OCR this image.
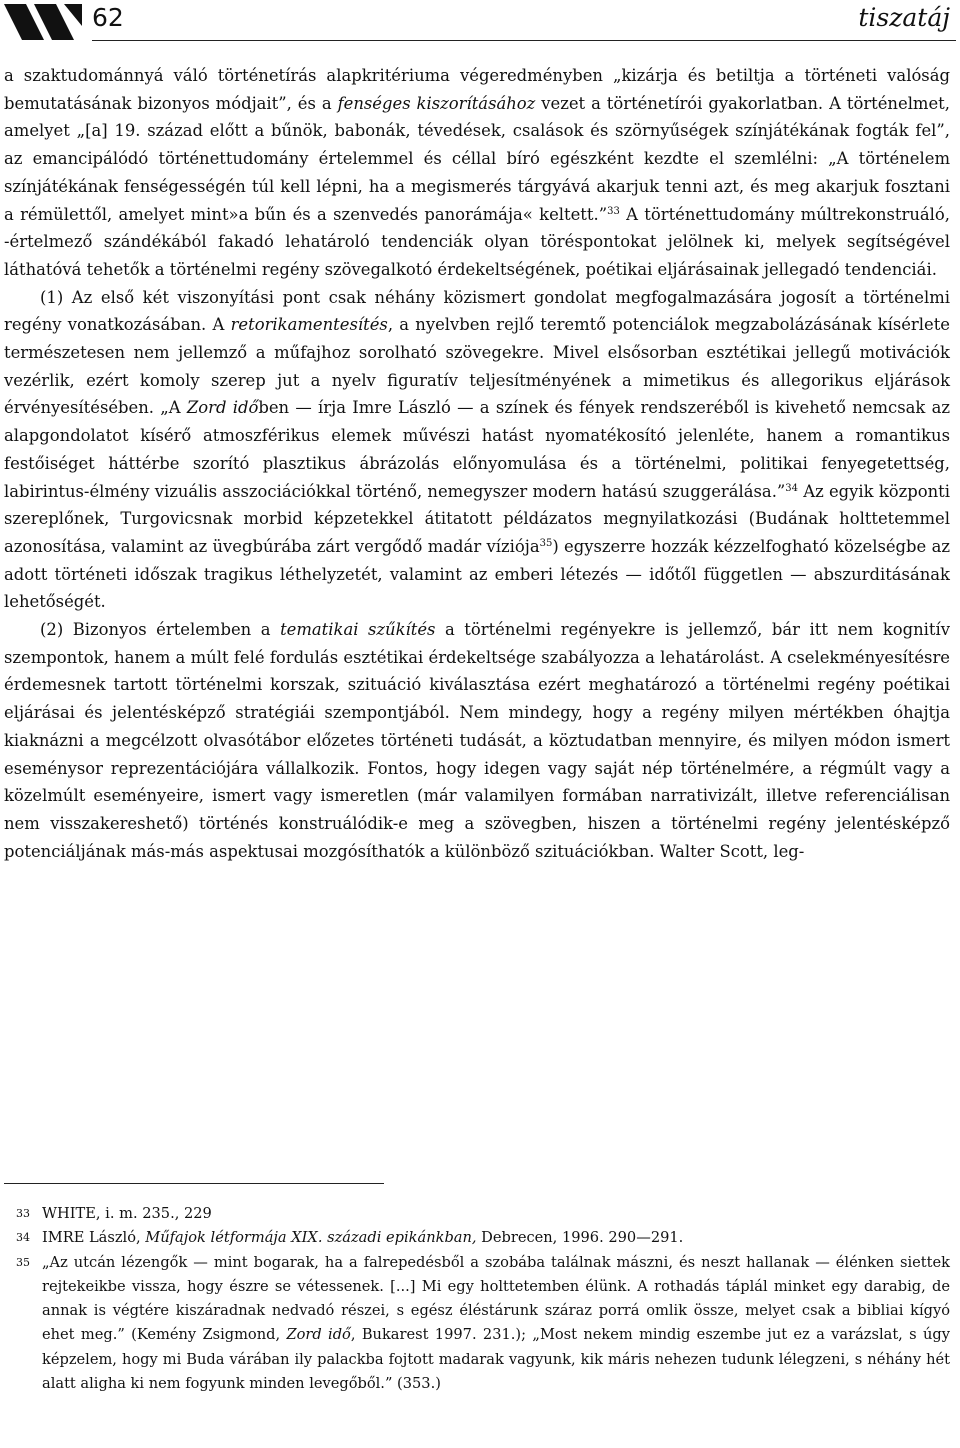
62	tiszatáj

a szaktudománnyá váló történetírás alapkritériuma végeredményben „kizárja és betiltja a történeti valóság bemutatásának bizonyos módjait”, és a fenséges kiszorításához vezet a történetírói gyakorlatban. A történelmet, amelyet „[a] 19. század előtt a bűnök, babonák, tévedések, csalások és szörnyűségek színjátékának fogták fel”, az emancipálódó történettudomány értelemmel és céllal bíró egészként kezdte el szemlélni: „A történelem színjátékának fenségességén túl kell lépni, ha a megismerés tárgyává akarjuk tenni azt, és meg akarjuk fosztani a rémülettől, amelyet mint»a bűn és a szenvedés panorámája« keltett.”$^{33}$ A történettudomány múltrekonstruáló, -értelmező szándékából fakadó lehatároló tendenciák olyan töréspontokat jelölnek ki, melyek segítségével láthatóvá tehetők a történelmi regény szövegalkotó érdekeltségének, poétikai eljárásainak jellegadó tendenciái.

(1) Az első két viszonyítási pont csak néhány közismert gondolat megfogalmazására jogosít a történelmi regény vonatkozásában. A retorikamentesítés, a nyelvben rejlő teremtő potenciálok megzabolázásának kísérlete természetesen nem jellemző a műfajhoz sorolható szövegekre. Mivel elsősorban esztétikai jellegű motivációk vezérlik, ezért komoly szerep jut a nyelv figuratív teljesítményének a mimetikus és allegorikus eljárások érvényesítésében. „A Zord időben — írja Imre László — a színek és fények rendszeréből is kivehető nemcsak az alapgondolatot kísérő atmoszférikus elemek művészi hatást nyomatékosító jelenléte, hanem a romantikus festőiséget háttérbe szorító plasztikus ábrázolás előnyomulása és a történelmi, politikai fenyegetettség, labirintus-élmény vizuális asszociációkkal történő, nemegyszer modern hatású szuggerálása.”$^{34}$ Az egyik központi szereplőnek, Turgovicsnak morbid képzetekkel átitatott példázatos megnyilatkozási (Budának holttetemmel azonosítása, valamint az üvegbúrába zárt vergődő madár víziója$^{35}$) egyszerre hozzák kézzelfogható közelségbe az adott történeti időszak tragikus léthelyzetét, valamint az emberi létezés — időtől független — abszurditásának lehetőségét.

(2) Bizonyos értelemben a tematikai szűkítés a történelmi regényekre is jellemző, bár itt nem kognitív szempontok, hanem a múlt felé fordulás esztétikai érdekeltsége szabályozza a lehatárolást. A cselekményesítésre érdemesnek tartott történelmi korszak, szituáció kiválasztása ezért meghatározó a történelmi regény poétikai eljárásai és jelentésképző stratégiái szempontjából. Nem mindegy, hogy a regény milyen mértékben óhajtja kiaknázni a megcélzott olvasótábor előzetes történeti tudását, a köztudatban mennyire, és milyen módon ismert eseménysor reprezentációjára vállalkozik. Fontos, hogy idegen vagy saját nép történelmére, a régmúlt vagy a közelmúlt eseményeire, ismert vagy ismeretlen (már valamilyen formában narrativizált, illetve referenciálisan nem visszakereshető) történés konstruálódik-e meg a szövegben, hiszen a történelmi regény jelentésképző potenciáljának más-más aspektusai mozgósíthatók a különböző szituációkban. Walter Scott, leg-

33 WHITE, i. m. 235., 229
34 IMRE László, Műfajok létformája XIX. századi epikánkban, Debrecen, 1996. 290—291.
35 „Az utcán lézengők — mint bogarak, ha a falrepedésből a szobába találnak mászni, és neszt hallanak — élénken siettek rejtekeikbe vissza, hogy észre se vétessenek. [...] Mi egy holttetemben élünk. A rothadás táplál minket egy darabig, de annak is végtére kiszáradnak nedvadó részei, s egész éléstárunk száraz porrá omlik össze, melyet csak a bibliai kígyó ehet meg.” (Kemény Zsigmond, Zord idő, Bukarest 1997. 231.); „Most nekem mindig eszembe jut ez a varázslat, s úgy képzelem, hogy mi Buda várában ily palackba fojtott madarak vagyunk, kik máris nehezen tudunk lélegzeni, s néhány hét alatt aligha ki nem fogyunk minden levegőből.” (353.)
